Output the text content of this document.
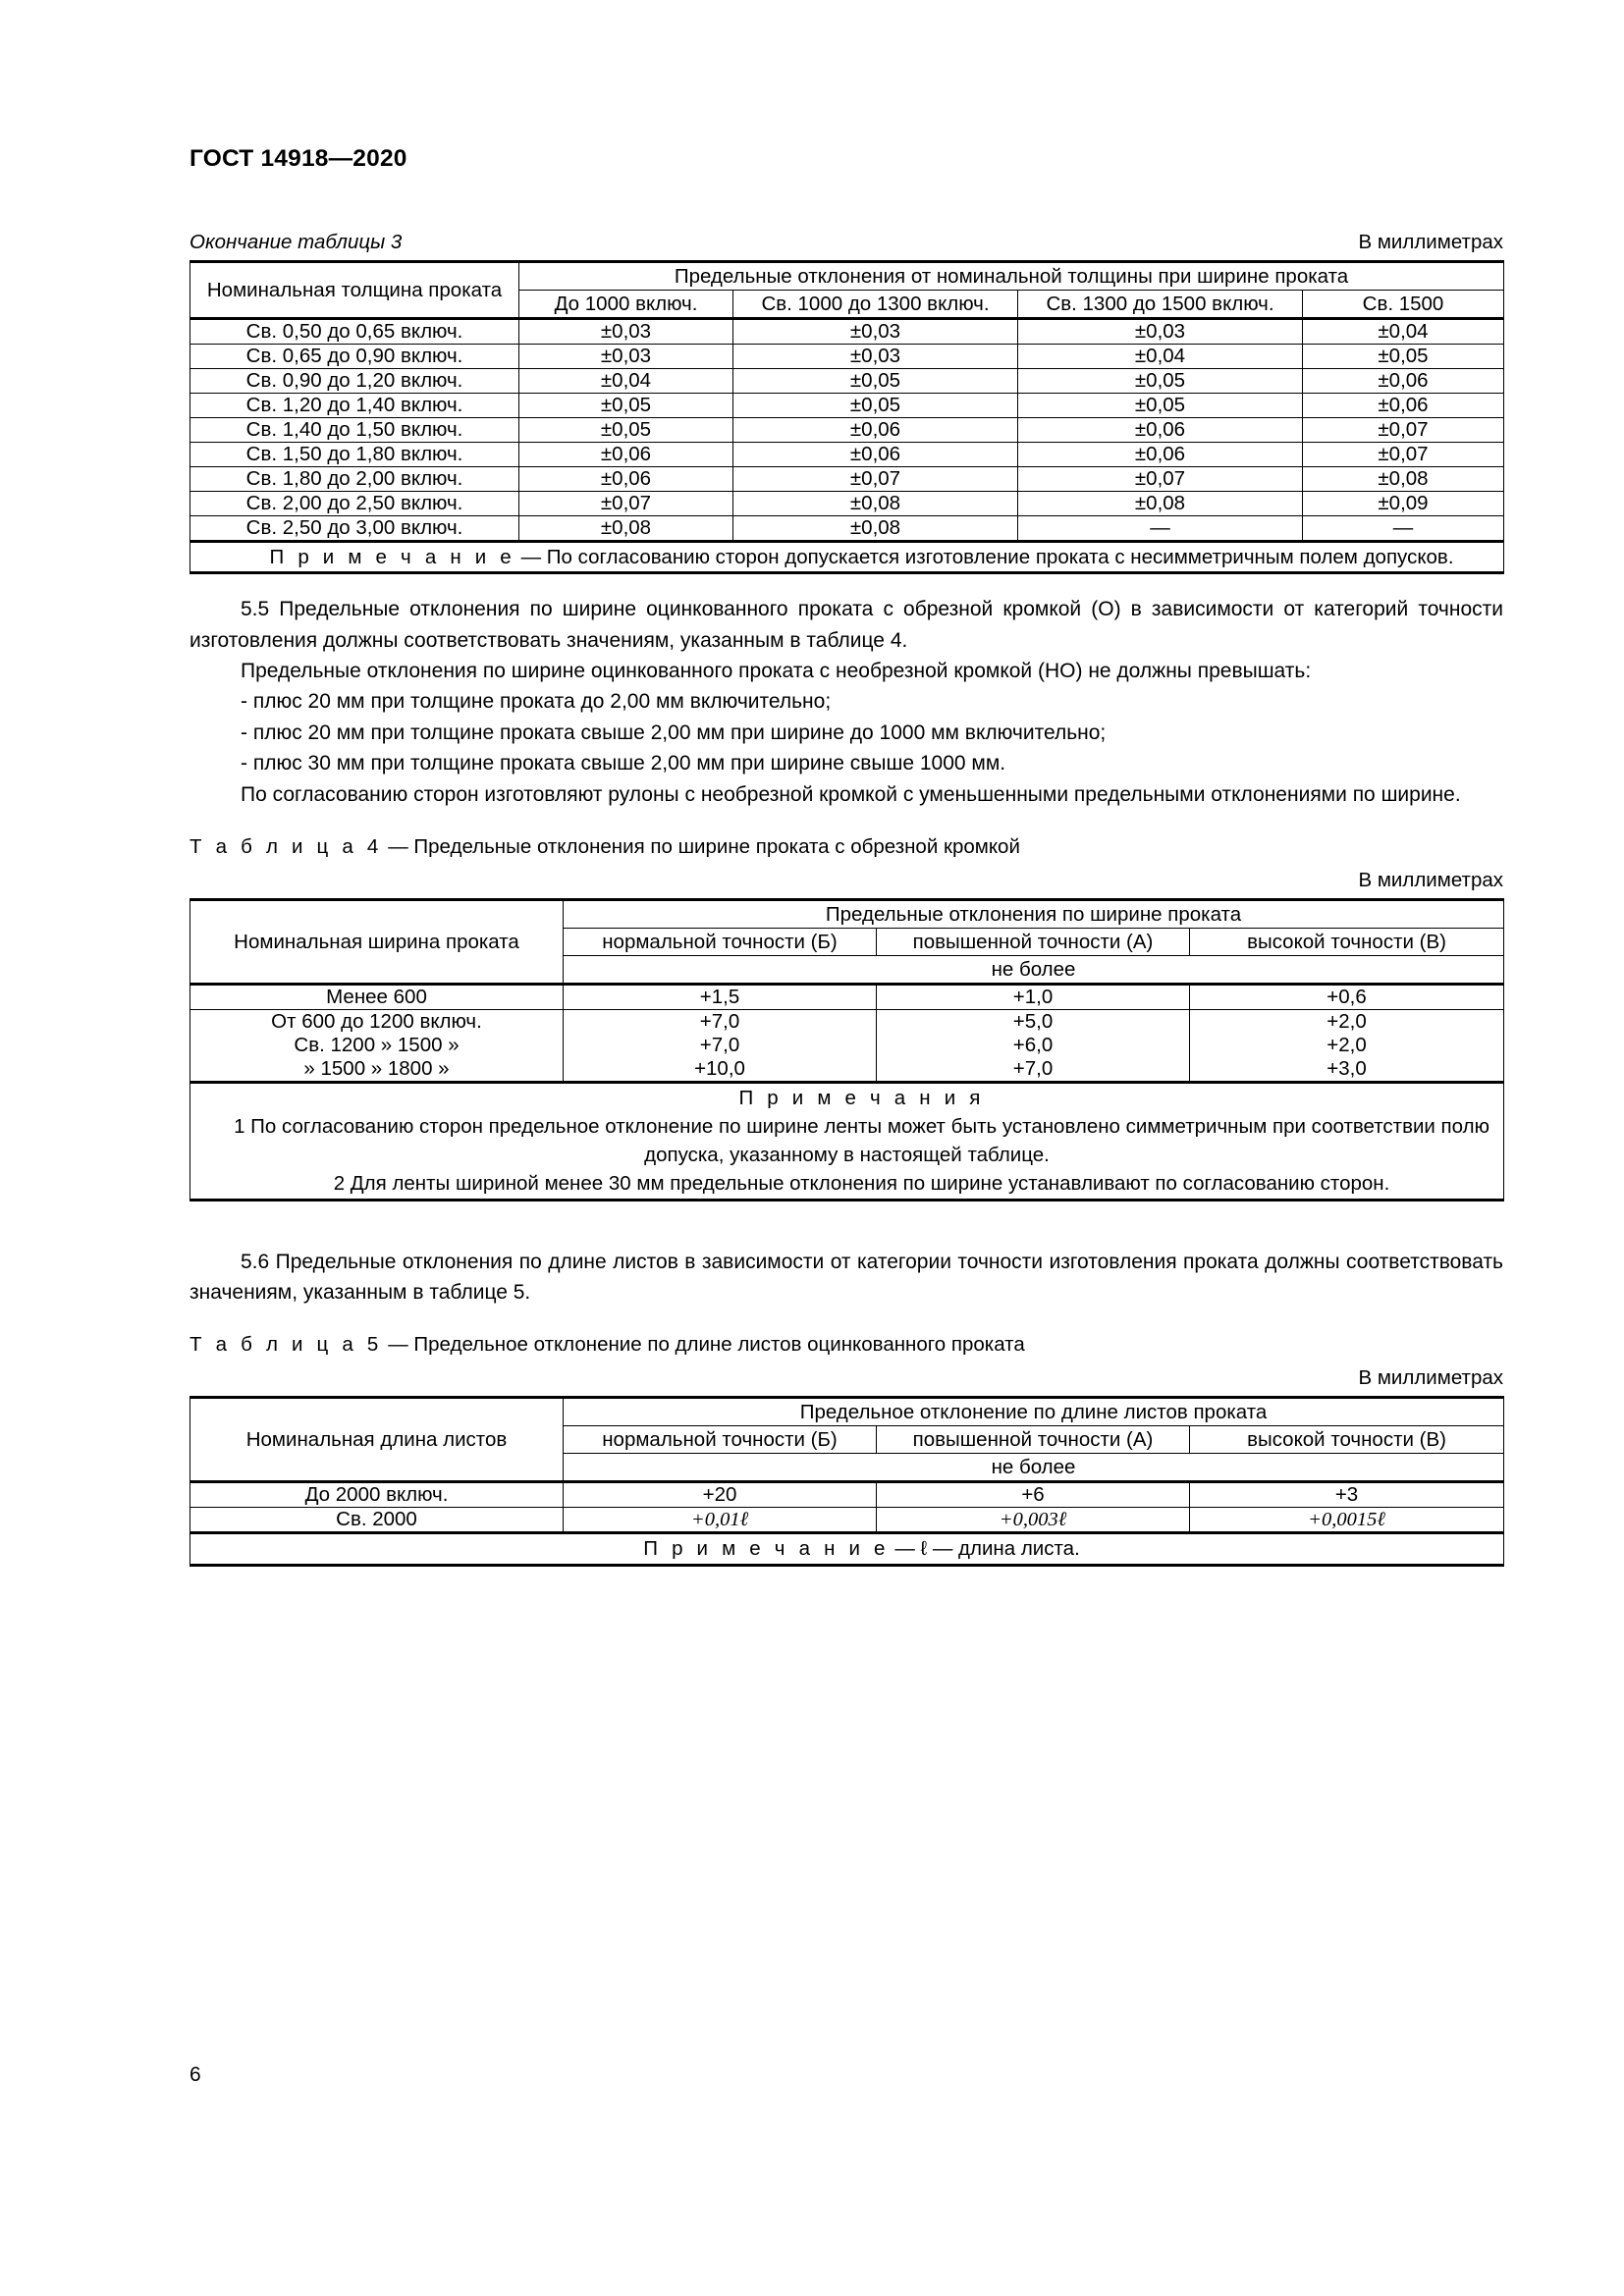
ГОСТ 14918—2020
Окончание таблицы 3	В миллиметрах
Номинальная толщина проката	Предельные отклонения от номинальной толщины при ширине проката			
	До 1000 включ.	Св. 1000 до 1300 включ.	Св. 1300 до 1500 включ.	Св. 1500
Св. 0,50 до 0,65 включ.	±0,03	±0,03	±0,03	±0,04
Св. 0,65 до 0,90 включ.	±0,03	±0,03	±0,04	±0,05
Св. 0,90 до 1,20 включ.	±0,04	±0,05	±0,05	±0,06
Св. 1,20 до 1,40 включ.	±0,05	±0,05	±0,05	±0,06
Св. 1,40 до 1,50 включ.	±0,05	±0,06	±0,06	±0,07
Св. 1,50 до 1,80 включ.	±0,06	±0,06	±0,06	±0,07
Св. 1,80 до 2,00 включ.	±0,06	±0,07	±0,07	±0,08
Св. 2,00 до 2,50 включ.	±0,07	±0,08	±0,08	±0,09
Св. 2,50 до 3,00 включ.	±0,08	±0,08	—	—
П р и м е ч а н и е — По согласованию сторон допускается изготовление проката с несимметричным полем допусков.				

5.5 Предельные отклонения по ширине оцинкованного проката с обрезной кромкой (О) в зависимости от категорий точности изготовления должны соответствовать значениям, указанным в таблице 4.

Предельные отклонения по ширине оцинкованного проката с необрезной кромкой (НО) не должны превышать:

- плюс 20 мм при толщине проката до 2,00 мм включительно;

- плюс 20 мм при толщине проката свыше 2,00 мм при ширине до 1000 мм включительно;

- плюс 30 мм при толщине проката свыше 2,00 мм при ширине свыше 1000 мм.

По согласованию сторон изготовляют рулоны с необрезной кромкой с уменьшенными предельными отклонениями по ширине.

Т а б л и ц а 4 — Предельные отклонения по ширине проката с обрезной кромкой
В миллиметрах
Номинальная ширина проката	Предельные отклонения по ширине проката		
	нормальной точности (Б)	повышенной точности (А)	высокой точности (В)
	не более		
Менее 600	+1,5	+1,0	+0,6
От 600 до 1200 включ.	+7,0	+5,0	+2,0
Св. 1200 » 1500 »	+7,0	+6,0	+2,0
» 1500 » 1800 »	+10,0	+7,0	+3,0
П р и м е ч а н и я

1 По согласованию сторон предельное отклонение по ширине ленты может быть установлено симметричным при соответствии полю допуска, указанному в настоящей таблице.
2 Для ленты шириной менее 30 мм предельные отклонения по ширине устанавливают по согласованию сторон.			

5.6 Предельные отклонения по длине листов в зависимости от категории точности изготовления проката должны соответствовать значениям, указанным в таблице 5.

Т а б л и ц а 5 — Предельное отклонение по длине листов оцинкованного проката
В миллиметрах
Номинальная длина листов	Предельное отклонение по длине листов проката		
	нормальной точности (Б)	повышенной точности (А)	высокой точности (В)
	не более		
До 2000 включ.	+20	+6	+3
Св. 2000	+0,01ℓ	+0,003ℓ	+0,0015ℓ
П р и м е ч а н и е — ℓ — длина листа.			
6
